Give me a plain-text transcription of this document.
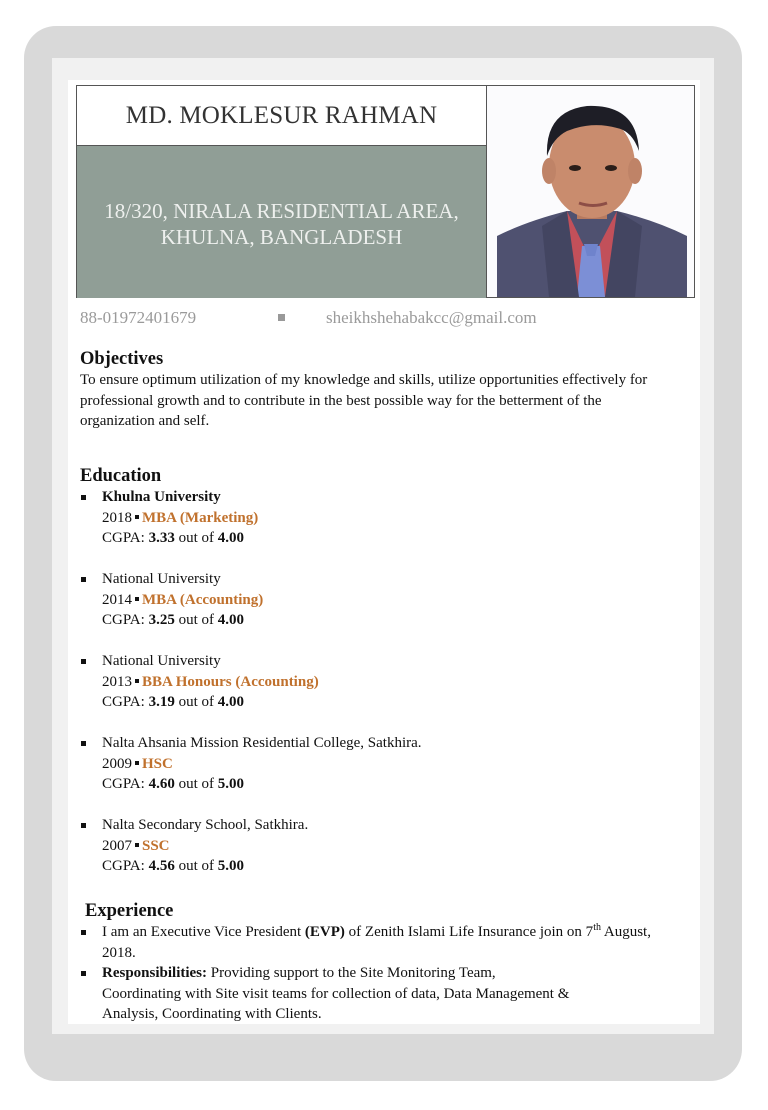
MD. MOKLESUR RAHMAN
18/320, NIRALA RESIDENTIAL AREA,
KHULNA, BANGLADESH
88-01972401679	sheikhshehabakcc@gmail.com
Objectives

To ensure optimum utilization of my knowledge and skills, utilize opportunities effectively for professional growth and to contribute in the best possible way for the betterment of the organization and self.

Education
Khulna University
2018 MBA (Marketing)
CGPA: 3.33 out of 4.00
National University
2014 MBA (Accounting)
CGPA: 3.25 out of 4.00
National University
2013 BBA Honours (Accounting)
CGPA: 3.19 out of 4.00
Nalta Ahsania Mission Residential College, Satkhira.
2009 HSC
CGPA: 4.60 out of 5.00
Nalta Secondary School, Satkhira.
2007 SSC
CGPA: 4.56 out of 5.00
Experience
I am an Executive Vice President (EVP) of Zenith Islami Life Insurance join on 7th August, 2018.
Responsibilities: Providing support to the Site Monitoring Team,
Coordinating with Site visit teams for collection of data, Data Management &
Analysis, Coordinating with Clients.
